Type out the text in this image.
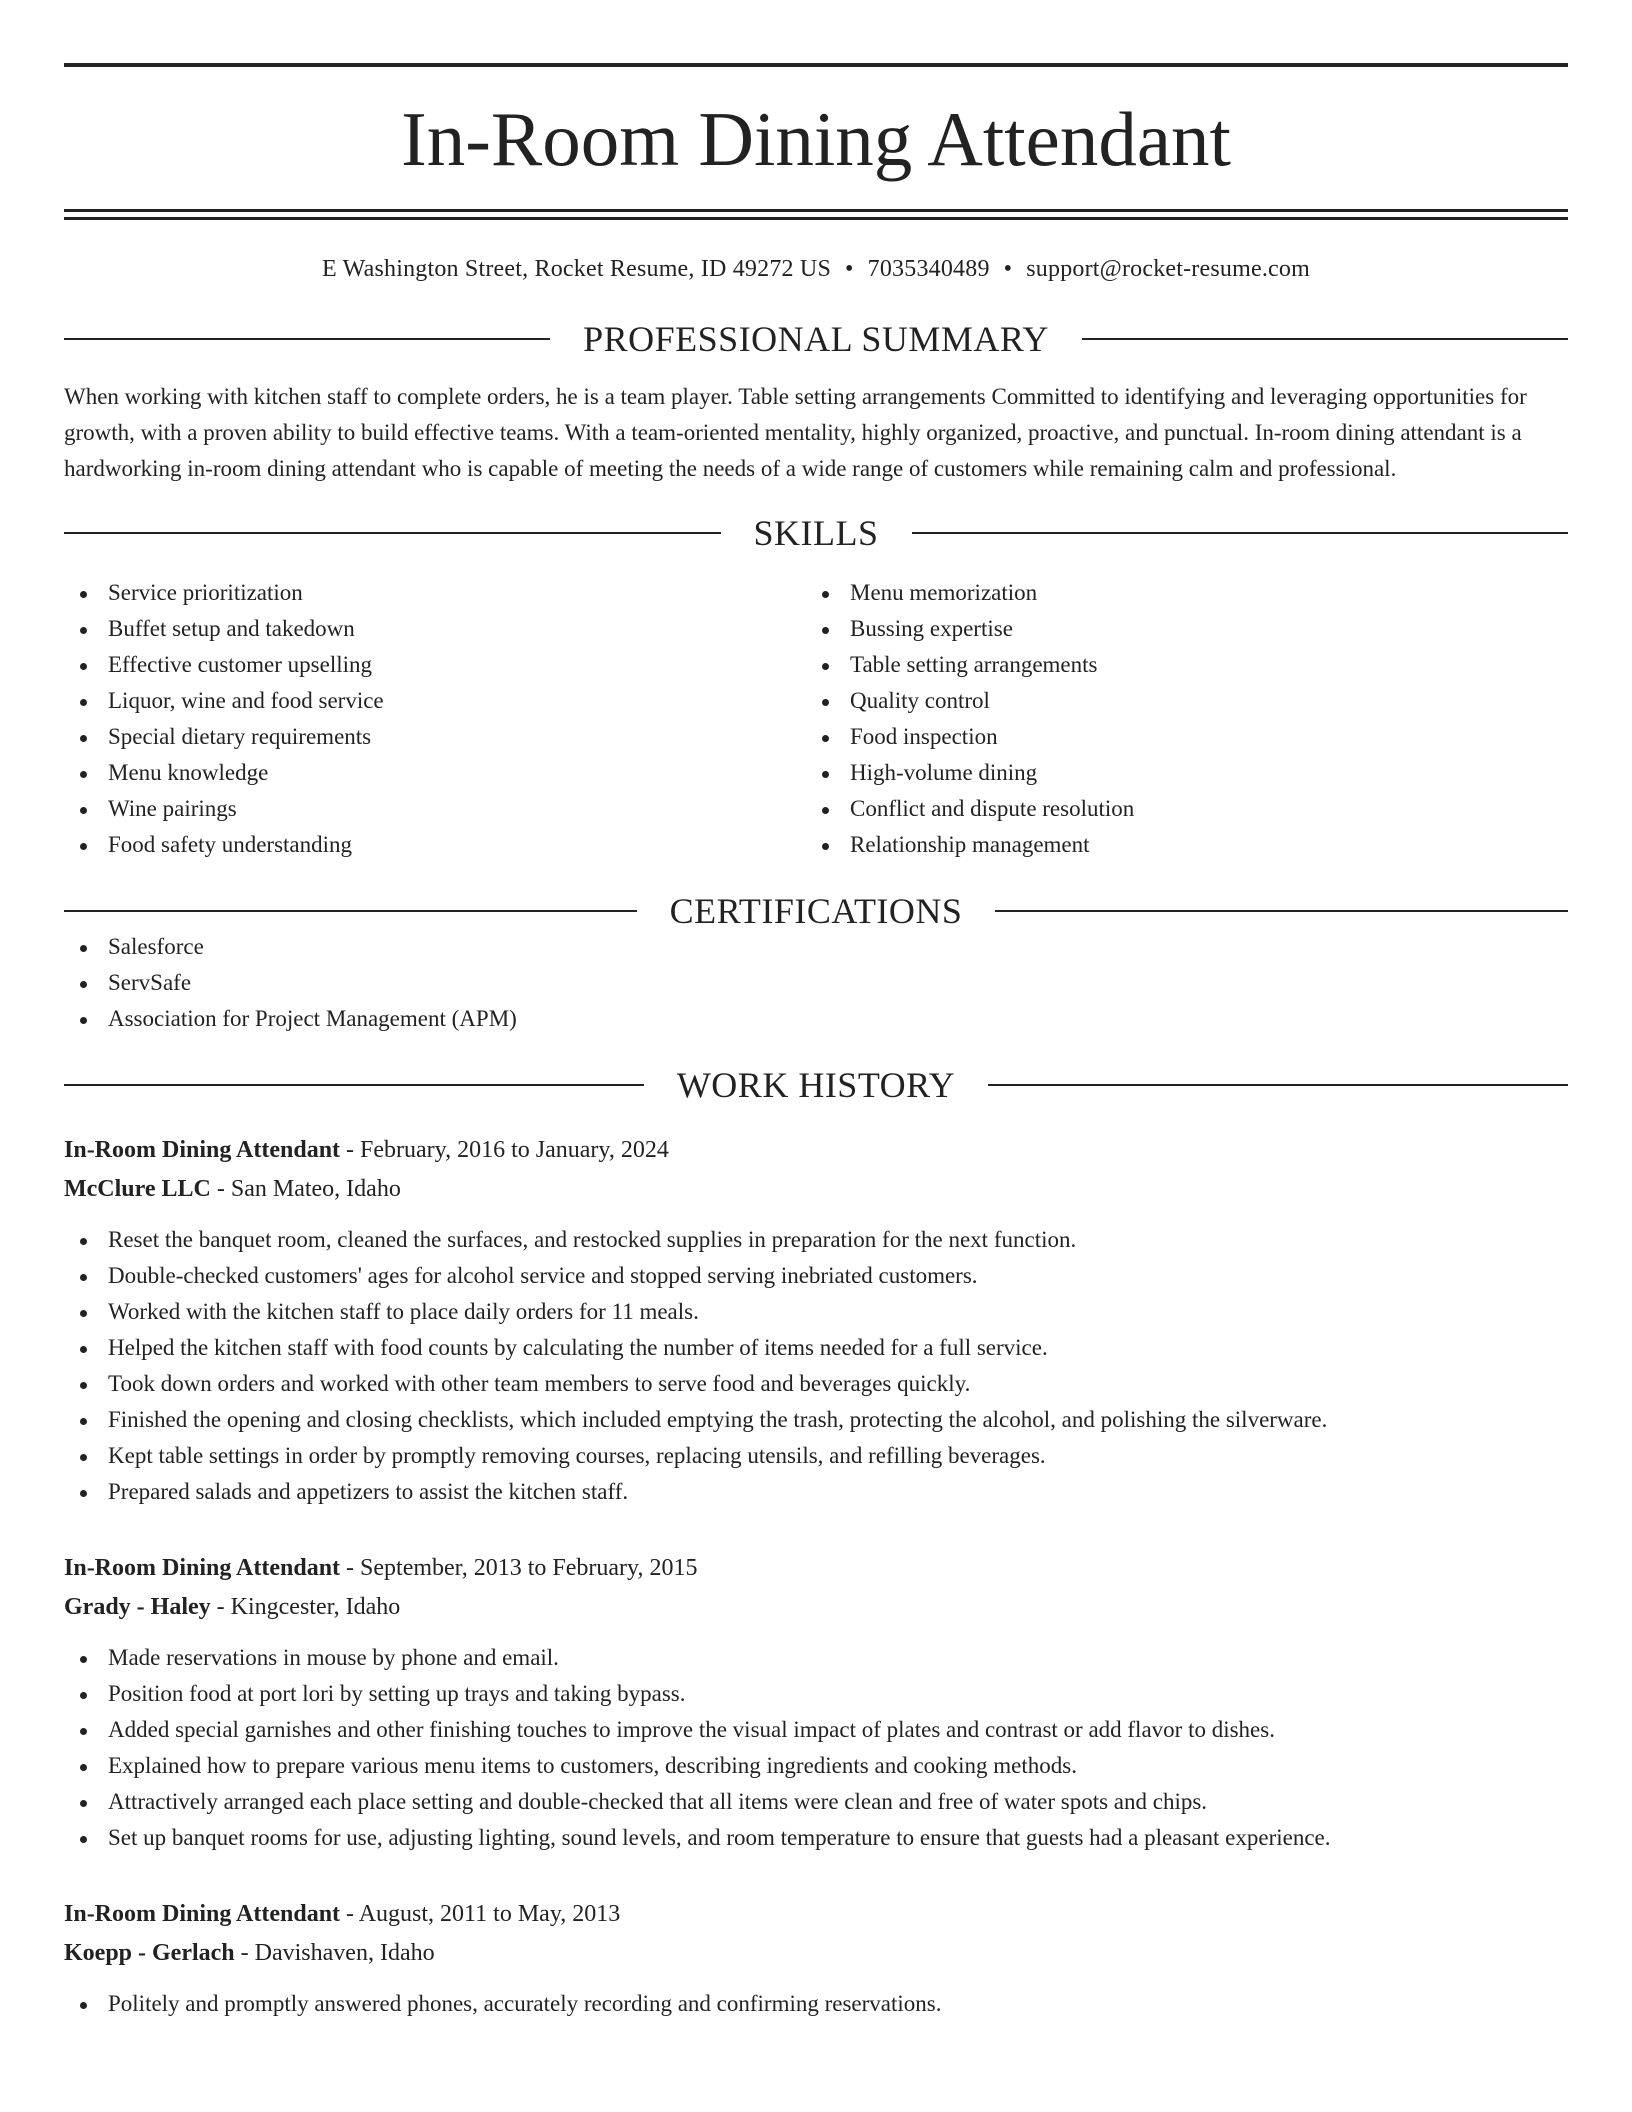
In-Room Dining Attendant
E Washington Street, Rocket Resume, ID 49272 US • 7035340489 • support@rocket-resume.com
PROFESSIONAL SUMMARY
When working with kitchen staff to complete orders, he is a team player. Table setting arrangements Committed to identifying and leveraging opportunities for growth, with a proven ability to build effective teams. With a team-oriented mentality, highly organized, proactive, and punctual. In-room dining attendant is a hardworking in-room dining attendant who is capable of meeting the needs of a wide range of customers while remaining calm and professional.
SKILLS
Service prioritization
Buffet setup and takedown
Effective customer upselling
Liquor, wine and food service
Special dietary requirements
Menu knowledge
Wine pairings
Food safety understanding
Menu memorization
Bussing expertise
Table setting arrangements
Quality control
Food inspection
High-volume dining
Conflict and dispute resolution
Relationship management
CERTIFICATIONS
Salesforce
ServSafe
Association for Project Management (APM)
WORK HISTORY
In-Room Dining Attendant - February, 2016 to January, 2024
McClure LLC - San Mateo, Idaho
Reset the banquet room, cleaned the surfaces, and restocked supplies in preparation for the next function.
Double-checked customers' ages for alcohol service and stopped serving inebriated customers.
Worked with the kitchen staff to place daily orders for 11 meals.
Helped the kitchen staff with food counts by calculating the number of items needed for a full service.
Took down orders and worked with other team members to serve food and beverages quickly.
Finished the opening and closing checklists, which included emptying the trash, protecting the alcohol, and polishing the silverware.
Kept table settings in order by promptly removing courses, replacing utensils, and refilling beverages.
Prepared salads and appetizers to assist the kitchen staff.
In-Room Dining Attendant - September, 2013 to February, 2015
Grady - Haley - Kingcester, Idaho
Made reservations in mouse by phone and email.
Position food at port lori by setting up trays and taking bypass.
Added special garnishes and other finishing touches to improve the visual impact of plates and contrast or add flavor to dishes.
Explained how to prepare various menu items to customers, describing ingredients and cooking methods.
Attractively arranged each place setting and double-checked that all items were clean and free of water spots and chips.
Set up banquet rooms for use, adjusting lighting, sound levels, and room temperature to ensure that guests had a pleasant experience.
In-Room Dining Attendant - August, 2011 to May, 2013
Koepp - Gerlach - Davishaven, Idaho
Politely and promptly answered phones, accurately recording and confirming reservations.
